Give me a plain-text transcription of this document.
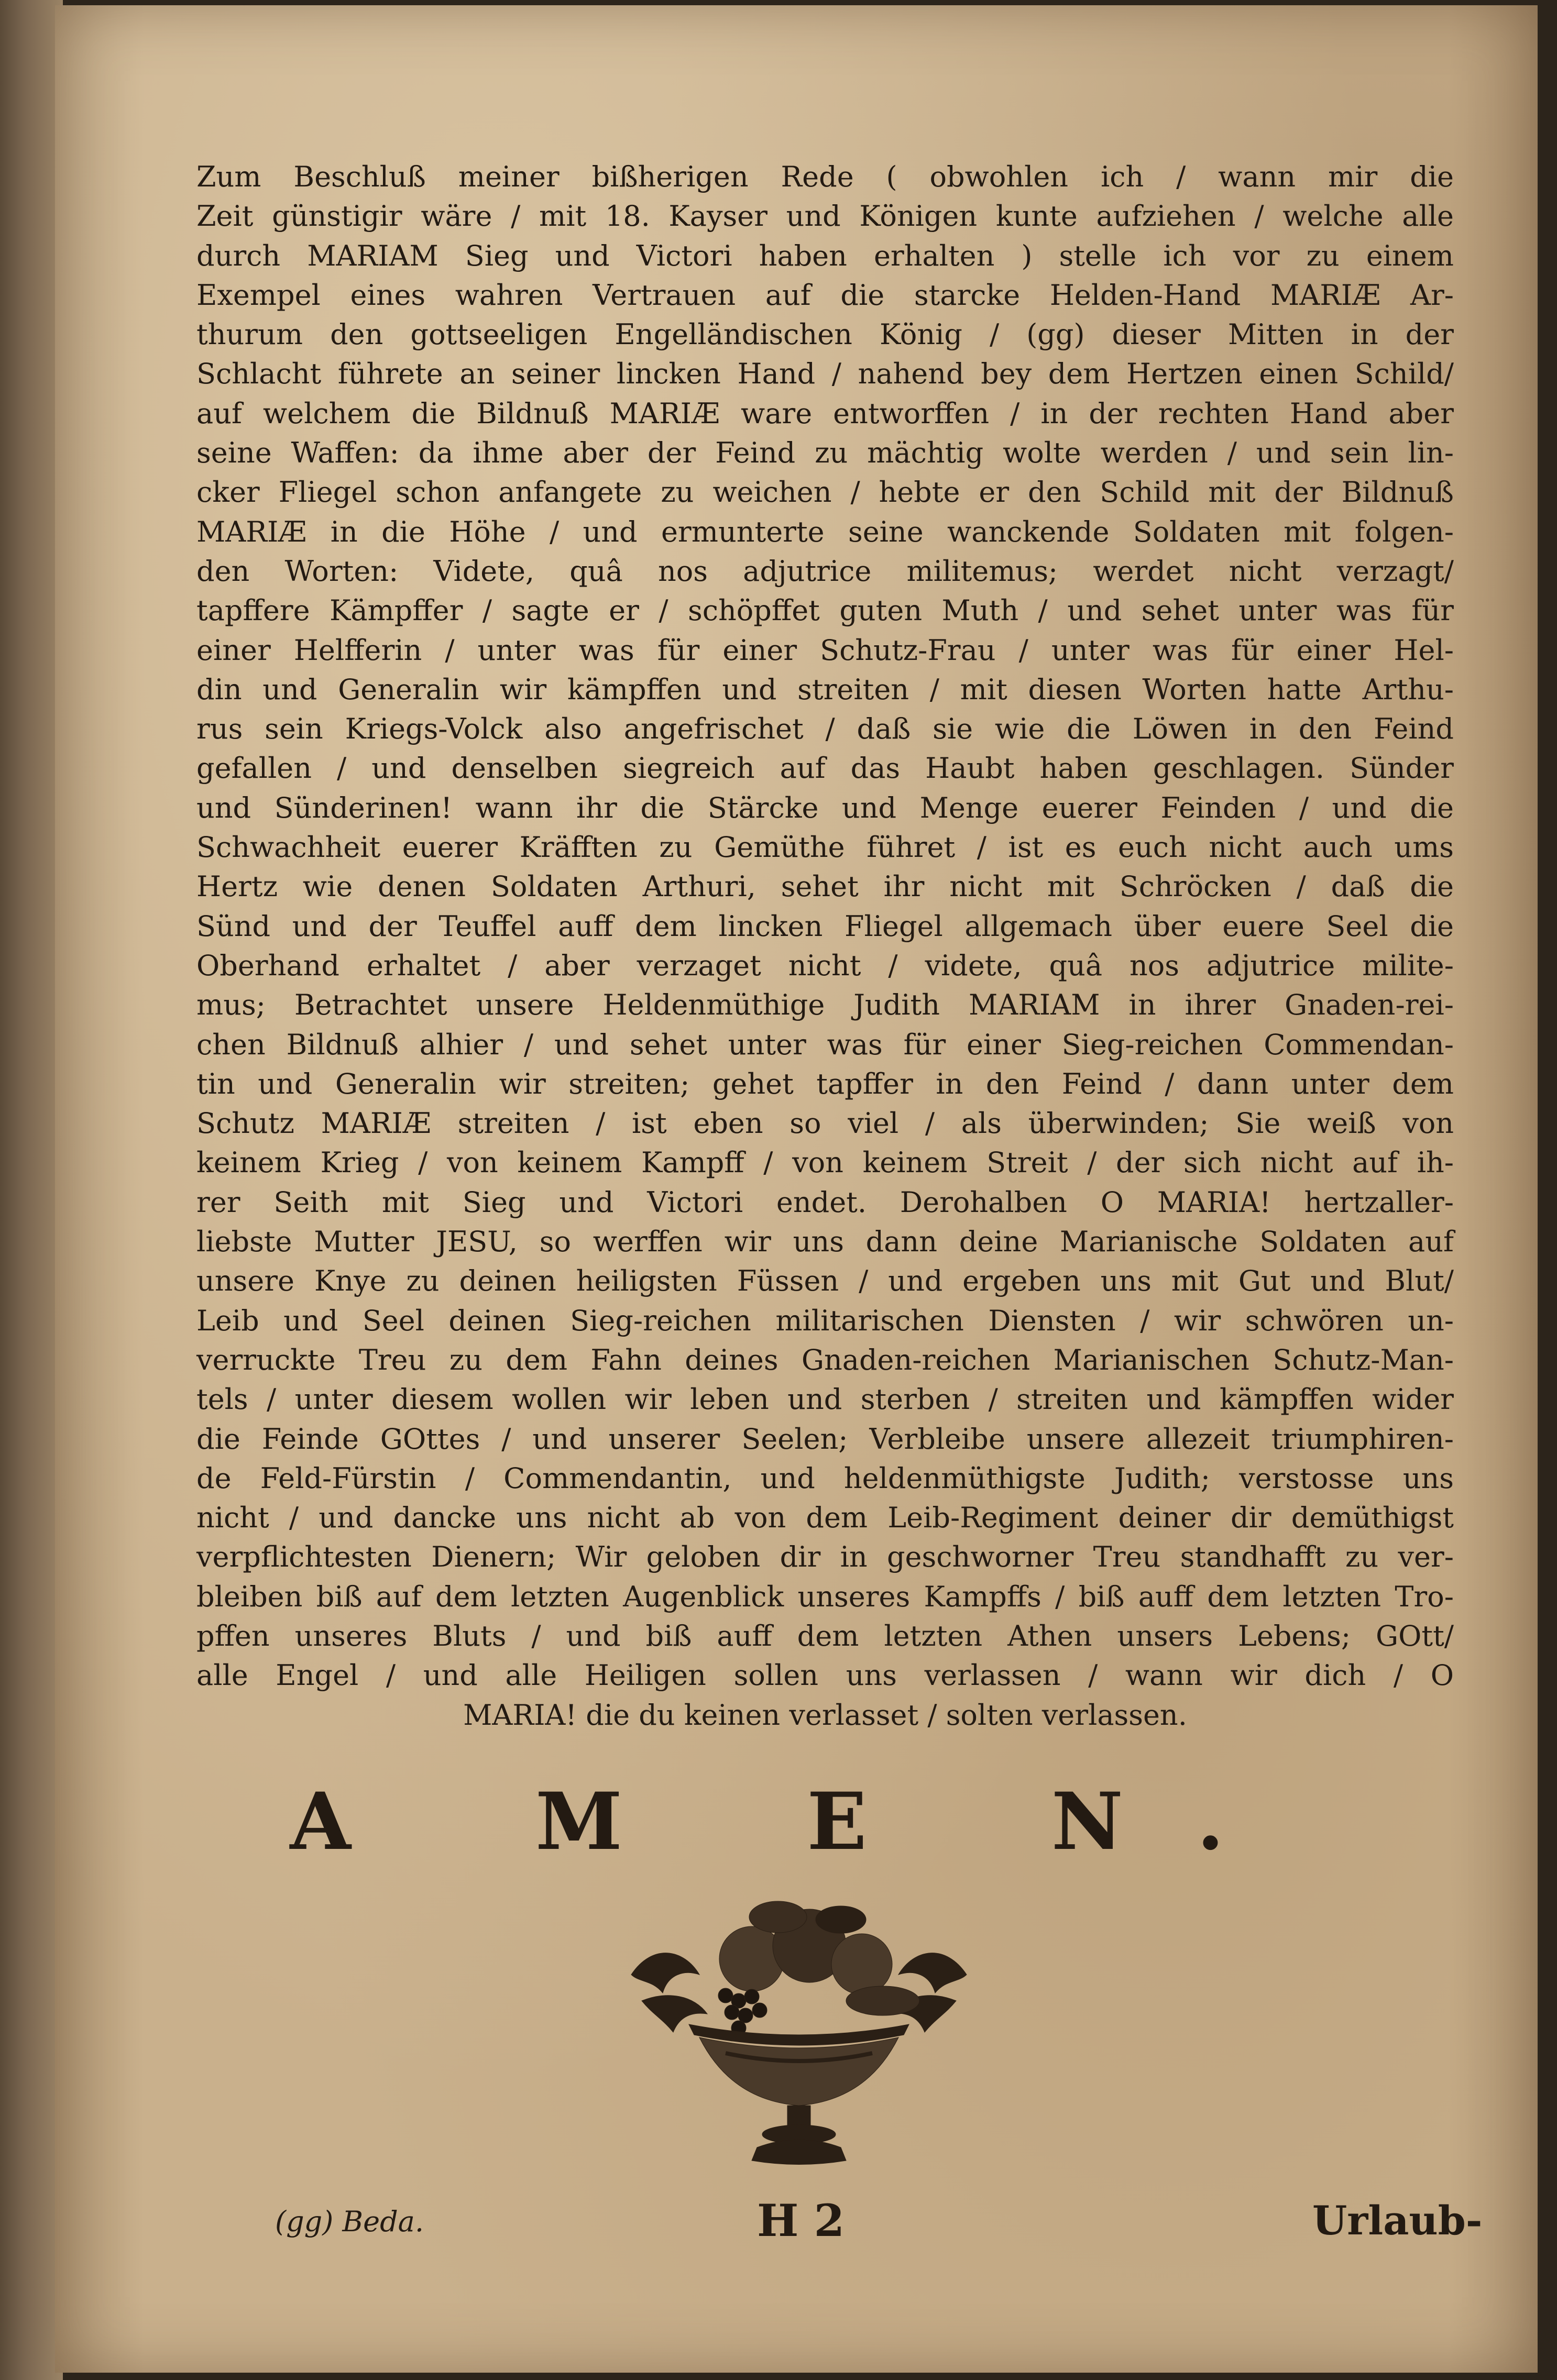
Zum Beschluß meiner bißherigen Rede ( obwohlen ich / wann mir die
Zeit günstigir wäre / mit 18. Kayser und Königen kunte aufziehen / welche alle
durch MARIAM Sieg und Victori haben erhalten ) stelle ich vor zu einem
Exempel eines wahren Vertrauen auf die starcke Helden-Hand MARIÆ Ar-
thurum den gottseeligen Engelländischen König / (gg) dieser Mitten in der
Schlacht führete an seiner lincken Hand / nahend bey dem Hertzen einen Schild/
auf welchem die Bildnuß MARIÆ ware entworffen / in der rechten Hand aber
seine Waffen: da ihme aber der Feind zu mächtig wolte werden / und sein lin-
cker Fliegel schon anfangete zu weichen / hebte er den Schild mit der Bildnuß
MARIÆ in die Höhe / und ermunterte seine wanckende Soldaten mit folgen-
den Worten: Videte, quâ nos adjutrice militemus; werdet nicht verzagt/
tapffere Kämpffer / sagte er / schöpffet guten Muth / und sehet unter was für
einer Helfferin / unter was für einer Schutz-Frau / unter was für einer Hel-
din und Generalin wir kämpffen und streiten / mit diesen Worten hatte Arthu-
rus sein Kriegs-Volck also angefrischet / daß sie wie die Löwen in den Feind
gefallen / und denselben siegreich auf das Haubt haben geschlagen. Sünder
und Sünderinen! wann ihr die Stärcke und Menge euerer Feinden / und die
Schwachheit euerer Kräfften zu Gemüthe führet / ist es euch nicht auch ums
Hertz wie denen Soldaten Arthuri, sehet ihr nicht mit Schröcken / daß die
Sünd und der Teuffel auff dem lincken Fliegel allgemach über euere Seel die
Oberhand erhaltet / aber verzaget nicht / videte, quâ nos adjutrice milite-
mus; Betrachtet unsere Heldenmüthige Judith MARIAM in ihrer Gnaden-rei-
chen Bildnuß alhier / und sehet unter was für einer Sieg-reichen Commendan-
tin und Generalin wir streiten; gehet tapffer in den Feind / dann unter dem
Schutz MARIÆ streiten / ist eben so viel / als überwinden; Sie weiß von
keinem Krieg / von keinem Kampff / von keinem Streit / der sich nicht auf ih-
rer Seith mit Sieg und Victori endet. Derohalben O MARIA! hertzaller-
liebste Mutter JESU, so werffen wir uns dann deine Marianische Soldaten auf
unsere Knye zu deinen heiligsten Füssen / und ergeben uns mit Gut und Blut/
Leib und Seel deinen Sieg-reichen militarischen Diensten / wir schwören un-
verruckte Treu zu dem Fahn deines Gnaden-reichen Marianischen Schutz-Man-
tels / unter diesem wollen wir leben und sterben / streiten und kämpffen wider
die Feinde GOttes / und unserer Seelen; Verbleibe unsere allezeit triumphiren-
de Feld-Fürstin / Commendantin, und heldenmüthigste Judith; verstosse uns
nicht / und dancke uns nicht ab von dem Leib-Regiment deiner dir demüthigst
verpflichtesten Dienern; Wir geloben dir in geschworner Treu standhafft zu ver-
bleiben biß auf dem letzten Augenblick unseres Kampffs / biß auff dem letzten Tro-
pffen unseres Bluts / und biß auff dem letzten Athen unsers Lebens; GOtt/
alle Engel / und alle Heiligen sollen uns verlassen / wann wir dich / O
MARIA! die du keinen verlasset / solten verlassen.
A M E N.
(gg) Beda.	H 2	Urlaub-
